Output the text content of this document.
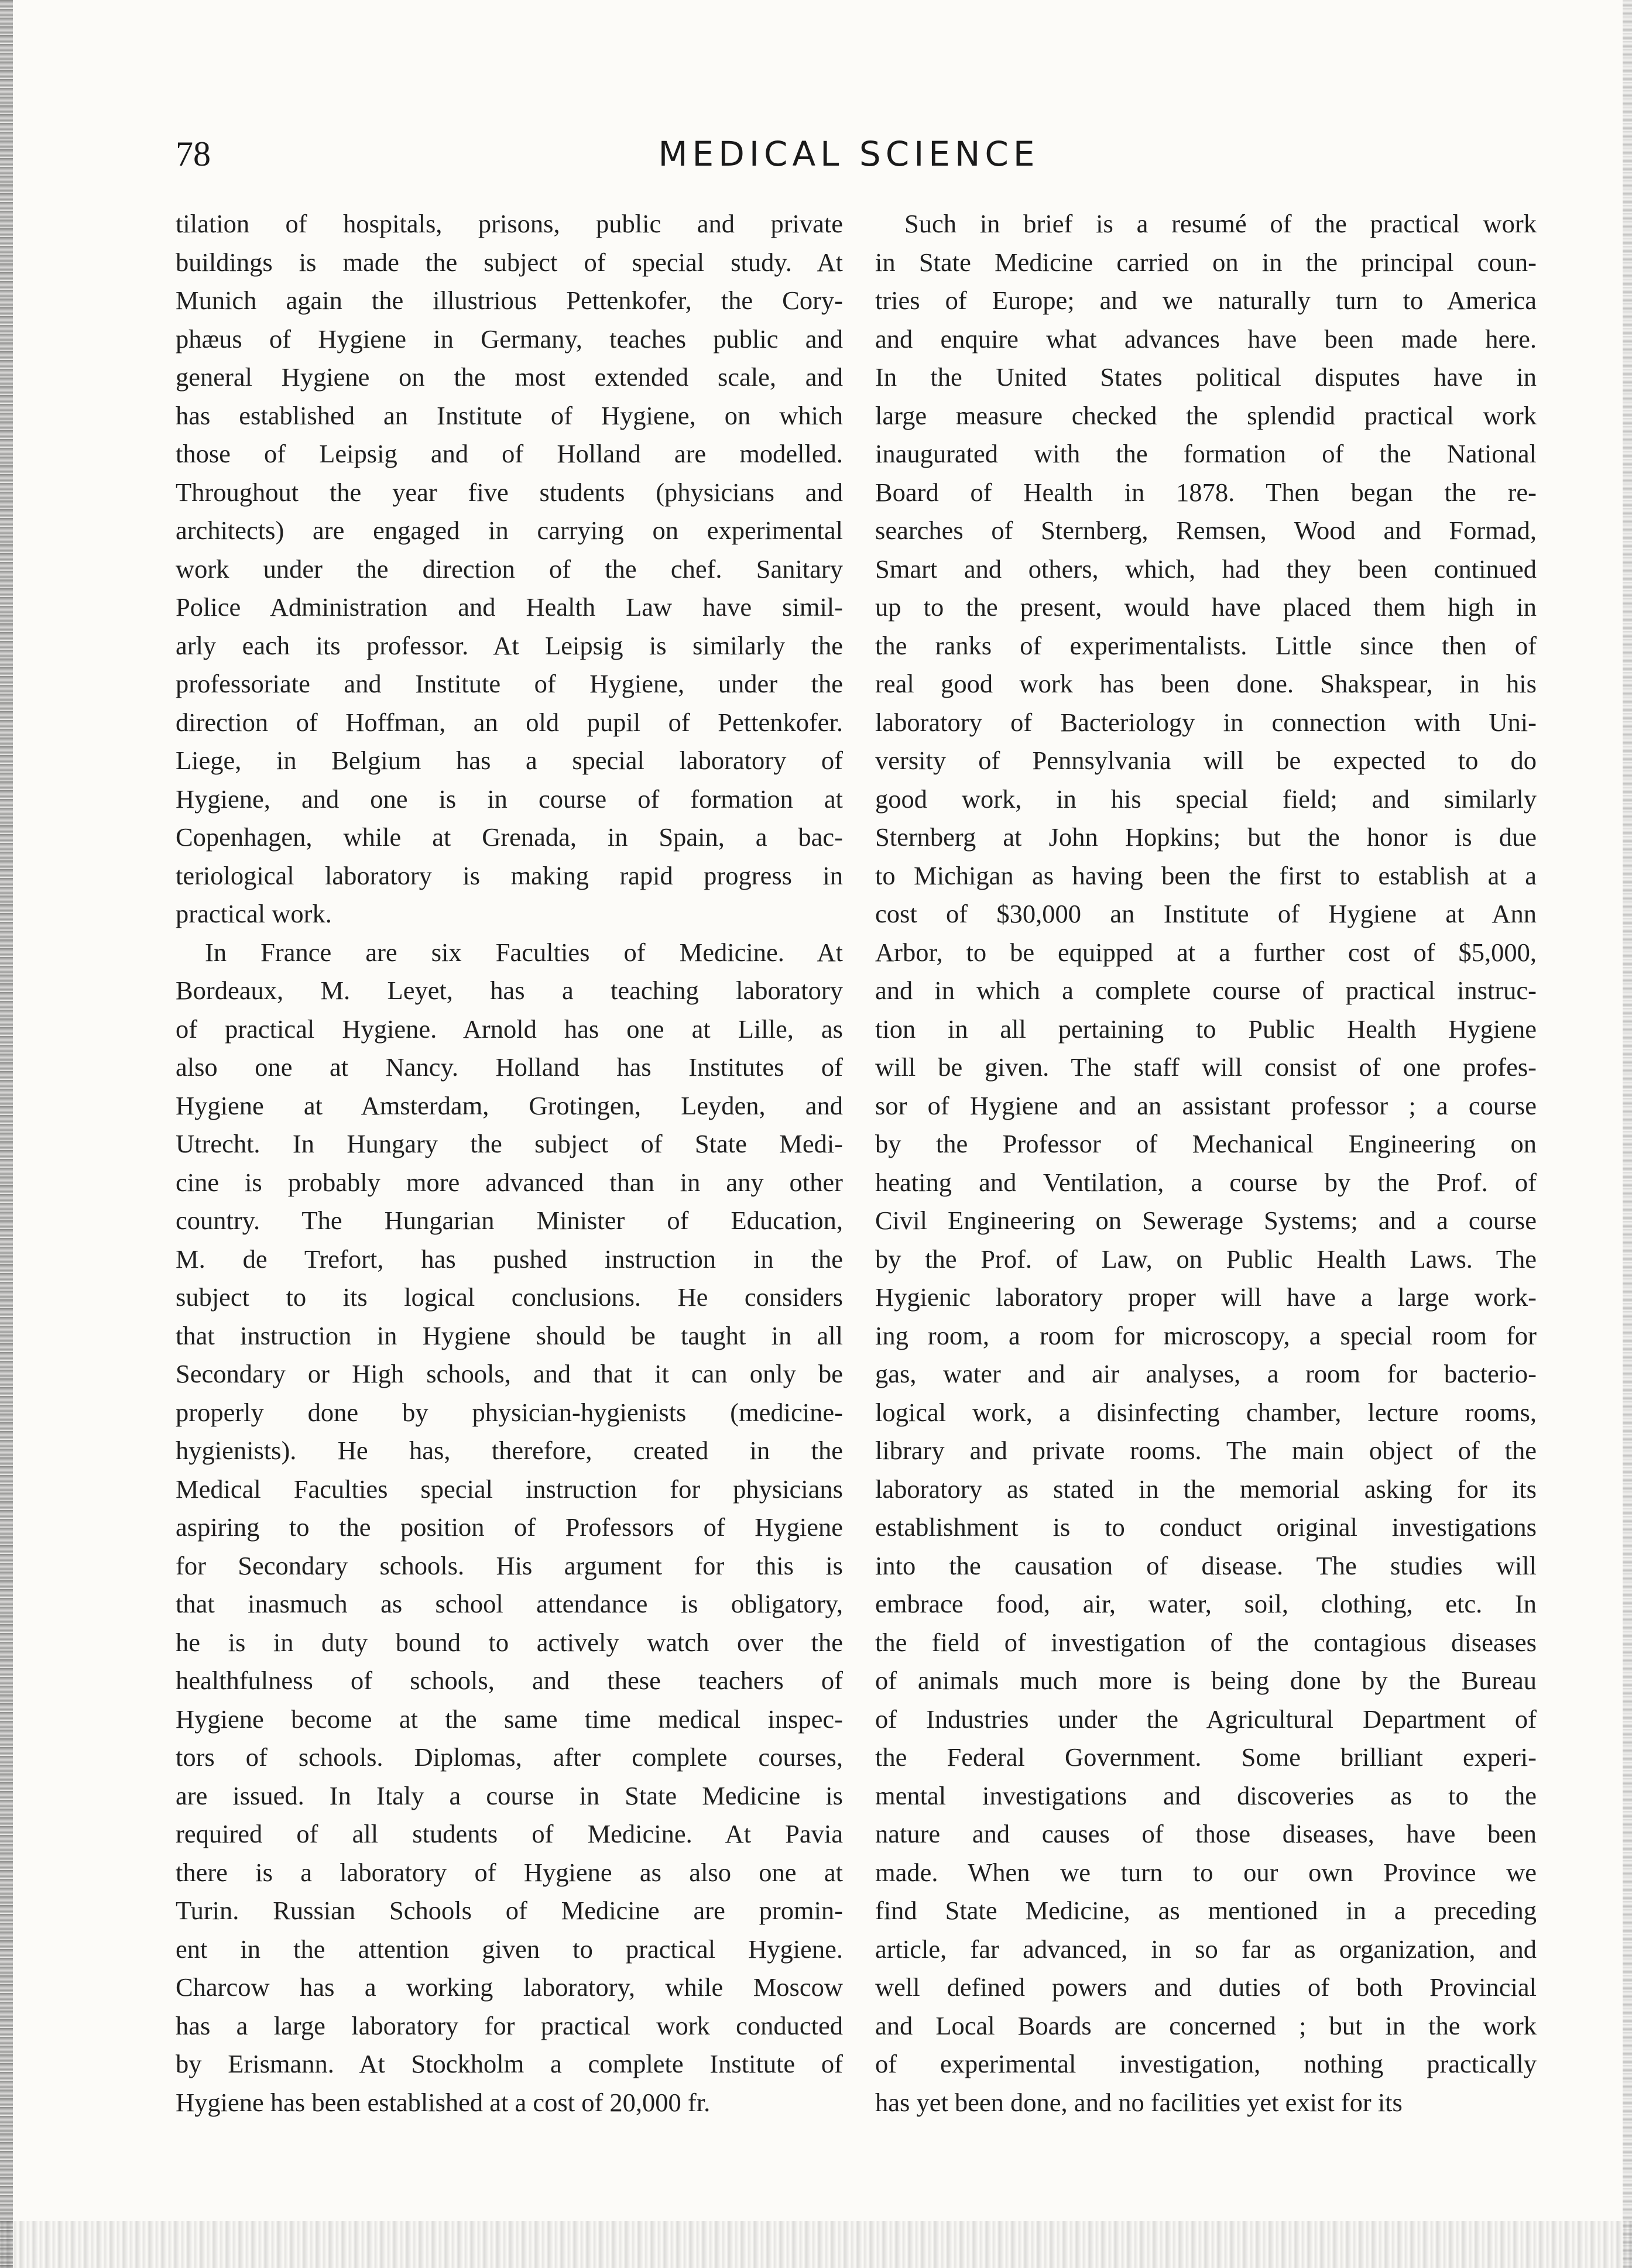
78	MEDICAL SCIENCE
tilation of hospitals, prisons, public and private
buildings is made the subject of special study. At
Munich again the illustrious Pettenkofer, the Cory-
phæus of Hygiene in Germany, teaches public and
general Hygiene on the most extended scale, and
has established an Institute of Hygiene, on which
those of Leipsig and of Holland are modelled.
Throughout the year five students (physicians and
architects) are engaged in carrying on experimental
work under the direction of the chef. Sanitary
Police Administration and Health Law have simil-
arly each its professor. At Leipsig is similarly the
professoriate and Institute of Hygiene, under the
direction of Hoffman, an old pupil of Pettenkofer.
Liege, in Belgium has a special laboratory of
Hygiene, and one is in course of formation at
Copenhagen, while at Grenada, in Spain, a bac-
teriological laboratory is making rapid progress in
practical work.
In France are six Faculties of Medicine. At
Bordeaux, M. Leyet, has a teaching laboratory
of practical Hygiene. Arnold has one at Lille, as
also one at Nancy. Holland has Institutes of
Hygiene at Amsterdam, Grotingen, Leyden, and
Utrecht. In Hungary the subject of State Medi-
cine is probably more advanced than in any other
country. The Hungarian Minister of Education,
M. de Trefort, has pushed instruction in the
subject to its logical conclusions. He considers
that instruction in Hygiene should be taught in all
Secondary or High schools, and that it can only be
properly done by physician-hygienists (medicine-
hygienists). He has, therefore, created in the
Medical Faculties special instruction for physicians
aspiring to the position of Professors of Hygiene
for Secondary schools. His argument for this is
that inasmuch as school attendance is obligatory,
he is in duty bound to actively watch over the
healthfulness of schools, and these teachers of
Hygiene become at the same time medical inspec-
tors of schools. Diplomas, after complete courses,
are issued. In Italy a course in State Medicine is
required of all students of Medicine. At Pavia
there is a laboratory of Hygiene as also one at
Turin. Russian Schools of Medicine are promin-
ent in the attention given to practical Hygiene.
Charcow has a working laboratory, while Moscow
has a large laboratory for practical work conducted
by Erismann. At Stockholm a complete Institute of
Hygiene has been established at a cost of 20,000 fr.
Such in brief is a resumé of the practical work
in State Medicine carried on in the principal coun-
tries of Europe; and we naturally turn to America
and enquire what advances have been made here.
In the United States political disputes have in
large measure checked the splendid practical work
inaugurated with the formation of the National
Board of Health in 1878. Then began the re-
searches of Sternberg, Remsen, Wood and Formad,
Smart and others, which, had they been continued
up to the present, would have placed them high in
the ranks of experimentalists. Little since then of
real good work has been done. Shakspear, in his
laboratory of Bacteriology in connection with Uni-
versity of Pennsylvania will be expected to do
good work, in his special field; and similarly
Sternberg at John Hopkins; but the honor is due
to Michigan as having been the first to establish at a
cost of $30,000 an Institute of Hygiene at Ann
Arbor, to be equipped at a further cost of $5,000,
and in which a complete course of practical instruc-
tion in all pertaining to Public Health Hygiene
will be given. The staff will consist of one profes-
sor of Hygiene and an assistant professor ; a course
by the Professor of Mechanical Engineering on
heating and Ventilation, a course by the Prof. of
Civil Engineering on Sewerage Systems; and a course
by the Prof. of Law, on Public Health Laws. The
Hygienic laboratory proper will have a large work-
ing room, a room for microscopy, a special room for
gas, water and air analyses, a room for bacterio-
logical work, a disinfecting chamber, lecture rooms,
library and private rooms. The main object of the
laboratory as stated in the memorial asking for its
establishment is to conduct original investigations
into the causation of disease. The studies will
embrace food, air, water, soil, clothing, etc. In
the field of investigation of the contagious diseases
of animals much more is being done by the Bureau
of Industries under the Agricultural Department of
the Federal Government. Some brilliant experi-
mental investigations and discoveries as to the
nature and causes of those diseases, have been
made. When we turn to our own Province we
find State Medicine, as mentioned in a preceding
article, far advanced, in so far as organization, and
well defined powers and duties of both Provincial
and Local Boards are concerned ; but in the work
of experimental investigation, nothing practically
has yet been done, and no facilities yet exist for its
